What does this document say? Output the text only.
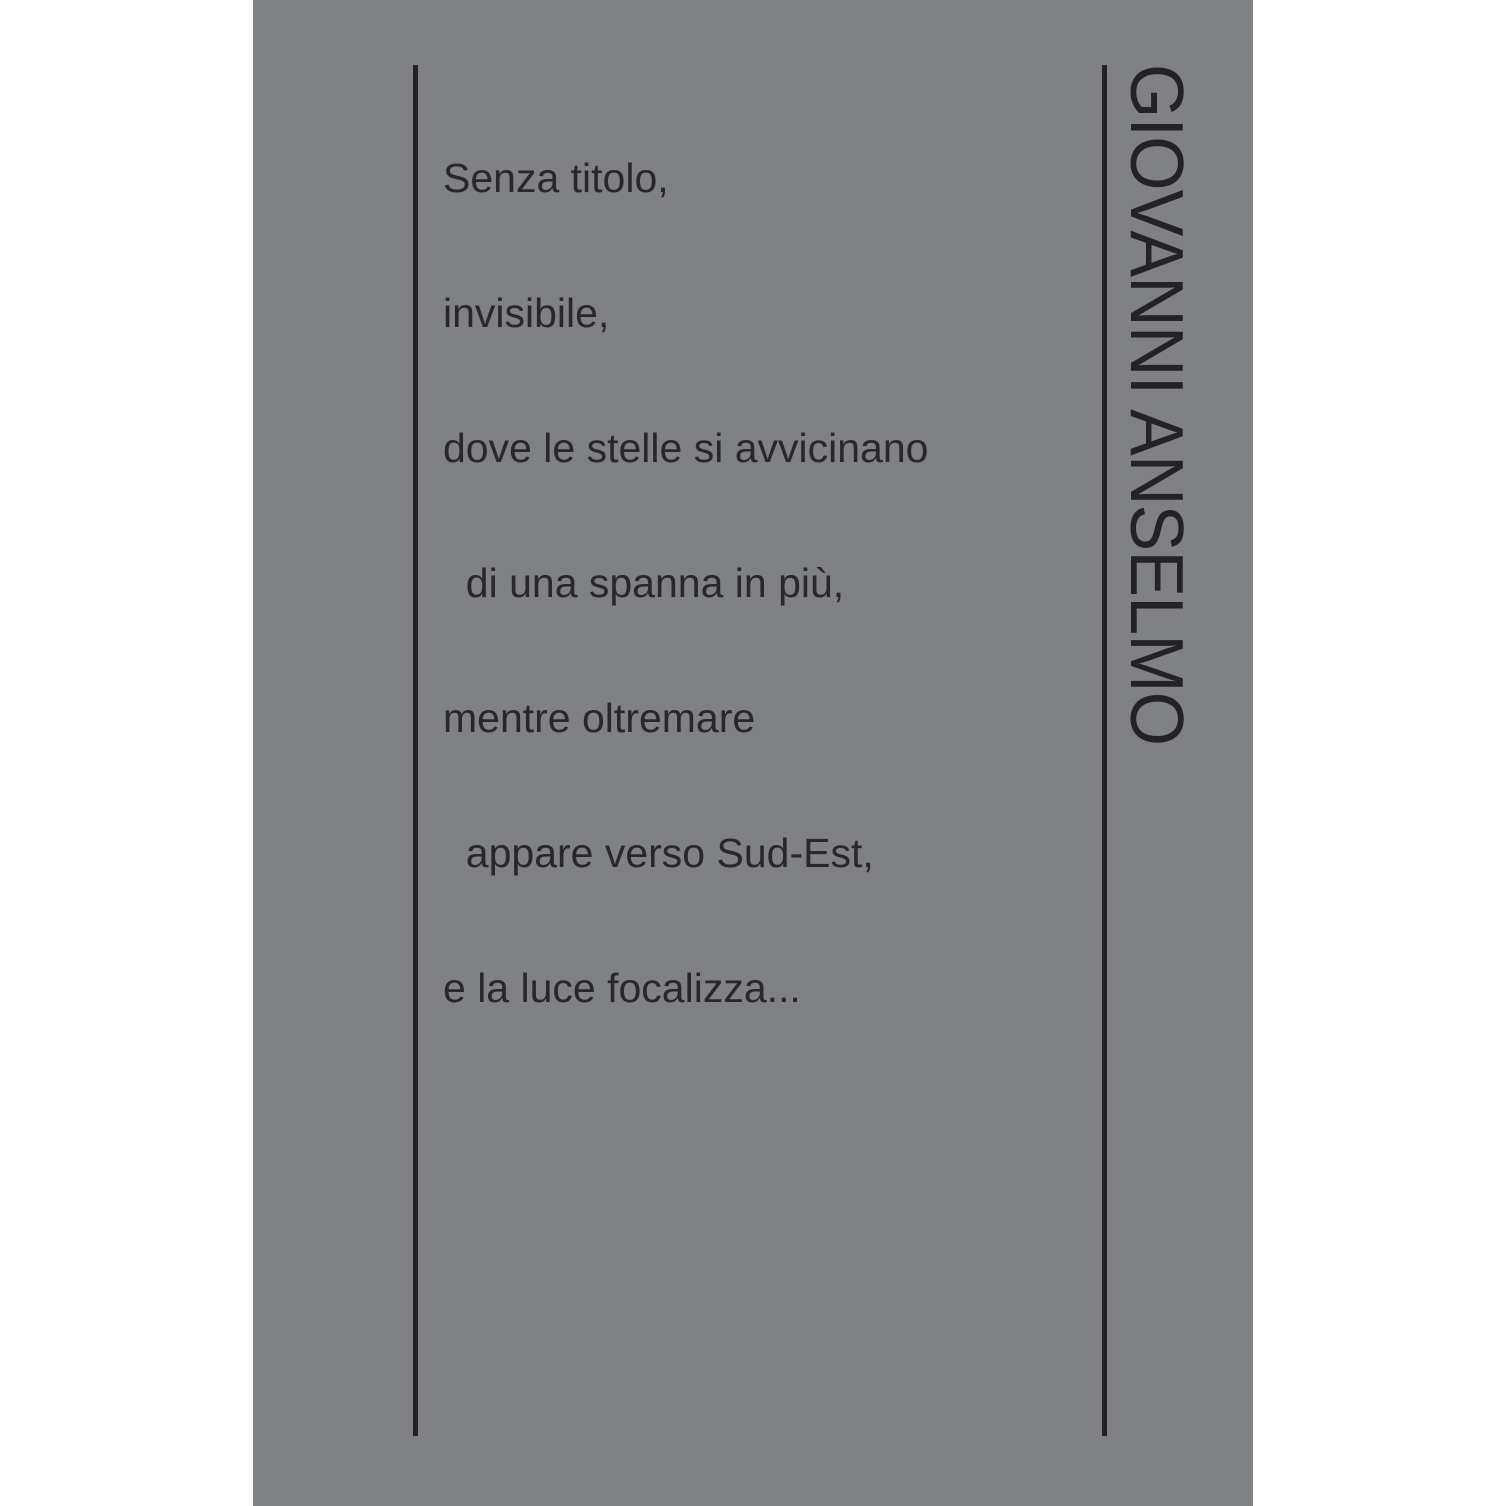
Senza titolo,

invisibile,

dove le stelle si avvicinano

di una spanna in più,

mentre oltremare

appare verso Sud-Est,

e la luce focalizza...

GIOVANNI ANSELMO
